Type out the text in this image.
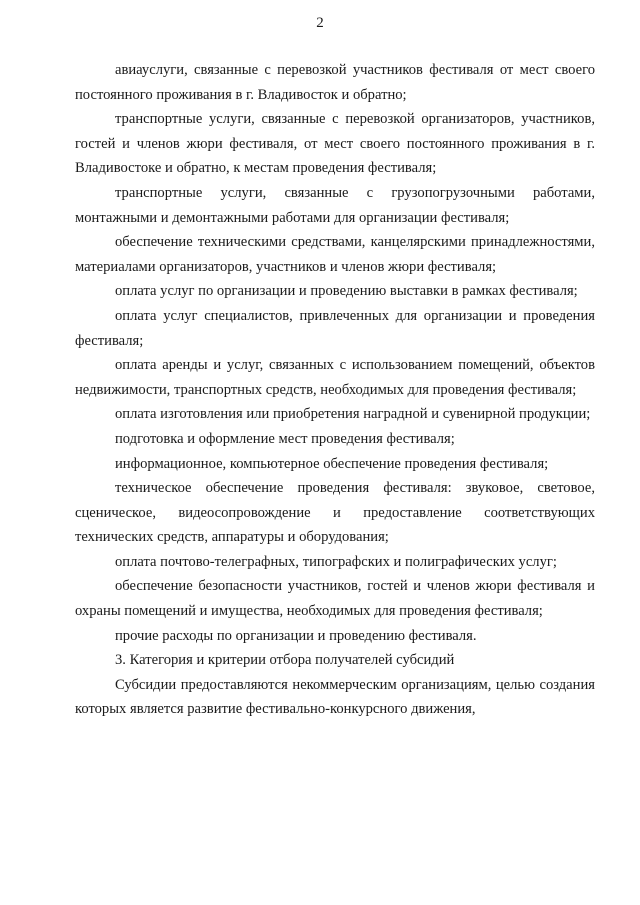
2

авиауслуги, связанные с перевозкой участников фестиваля от мест своего постоянного проживания в г. Владивосток и обратно;

транспортные услуги, связанные с перевозкой организаторов, участников, гостей и членов жюри фестиваля, от мест своего постоянного проживания в г. Владивостоке и обратно, к местам проведения фестиваля;

транспортные услуги, связанные с грузопогрузочными работами, монтажными и демонтажными работами для организации фестиваля;

обеспечение техническими средствами, канцелярскими принадлежностями, материалами организаторов, участников и членов жюри фестиваля;

оплата услуг по организации и проведению выставки в рамках фестиваля;

оплата услуг специалистов, привлеченных для организации и проведения фестиваля;

оплата аренды и услуг, связанных с использованием помещений, объектов недвижимости, транспортных средств, необходимых для проведения фестиваля;

оплата изготовления или приобретения наградной и сувенирной продукции;

подготовка и оформление мест проведения фестиваля;

информационное, компьютерное обеспечение проведения фестиваля;

техническое обеспечение проведения фестиваля: звуковое, световое, сценическое, видеосопровождение и предоставление соответствующих технических средств, аппаратуры и оборудования;

оплата почтово-телеграфных, типографских и полиграфических услуг;

обеспечение безопасности участников, гостей и членов жюри фестиваля и охраны помещений и имущества, необходимых для проведения фестиваля;

прочие расходы по организации и проведению фестиваля.

3. Категория и критерии отбора получателей субсидий

Субсидии предоставляются некоммерческим организациям, целью создания которых является развитие фестивально-конкурсного движения,
